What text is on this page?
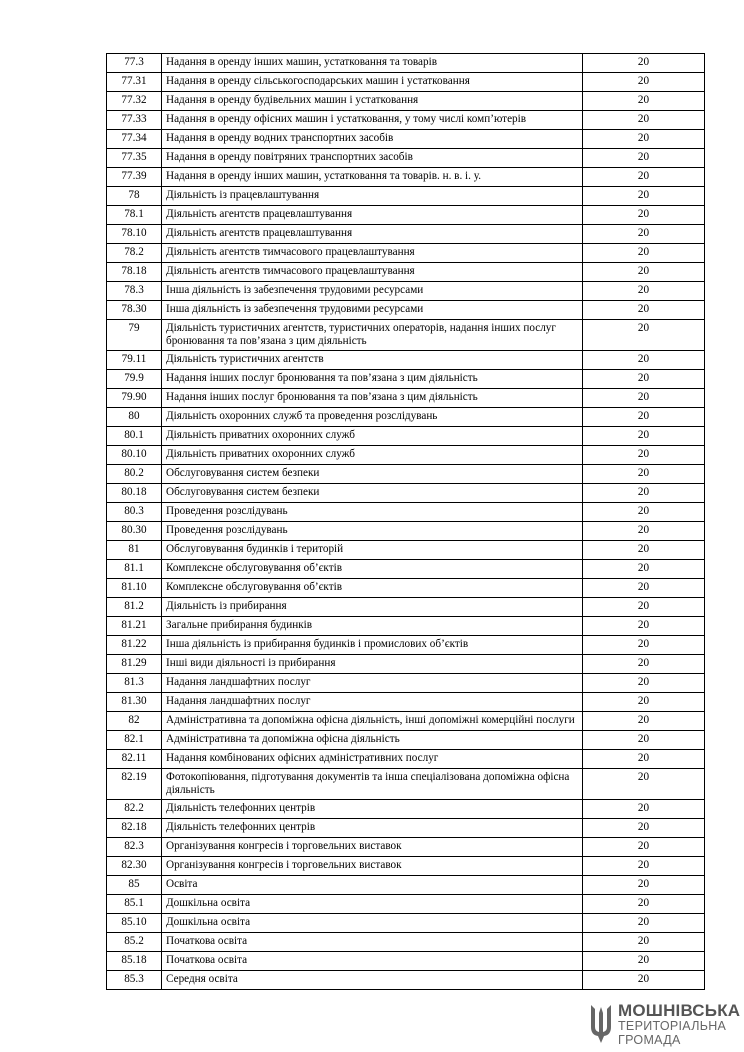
77.3	Надання в оренду інших машин, устатковання та товарів	20
77.31	Надання в оренду сільськогосподарських машин і устатковання	20
77.32	Надання в оренду будівельних машин і устатковання	20
77.33	Надання в оренду офісних машин і устатковання, у тому числі комп’ютерів	20
77.34	Надання в оренду водних транспортних засобів	20
77.35	Надання в оренду повітряних транспортних засобів	20
77.39	Надання в оренду інших машин, устатковання та товарів. н. в. і. у.	20
78	Діяльність із працевлаштування	20
78.1	Діяльність агентств працевлаштування	20
78.10	Діяльність агентств працевлаштування	20
78.2	Діяльність агентств тимчасового працевлаштування	20
78.18	Діяльність агентств тимчасового працевлаштування	20
78.3	Інша діяльність із забезпечення трудовими ресурсами	20
78.30	Інша діяльність із забезпечення трудовими ресурсами	20
79	Діяльність туристичних агентств, туристичних операторів, надання інших послуг бронювання та пов’язана з цим діяльність	20
79.11	Діяльність туристичних агентств	20
79.9	Надання інших послуг бронювання та пов’язана з цим діяльність	20
79.90	Надання інших послуг бронювання та пов’язана з цим діяльність	20
80	Діяльність охоронних служб та проведення розслідувань	20
80.1	Діяльність приватних охоронних служб	20
80.10	Діяльність приватних охоронних служб	20
80.2	Обслуговування систем безпеки	20
80.18	Обслуговування систем безпеки	20
80.3	Проведення розслідувань	20
80.30	Проведення розслідувань	20
81	Обслуговування будинків і територій	20
81.1	Комплексне обслуговування об’єктів	20
81.10	Комплексне обслуговування об’єктів	20
81.2	Діяльність із прибирання	20
81.21	Загальне прибирання будинків	20
81.22	Інша діяльність із прибирання будинків і промислових об’єктів	20
81.29	Інші види діяльності із прибирання	20
81.3	Надання ландшафтних послуг	20
81.30	Надання ландшафтних послуг	20
82	Адміністративна та допоміжна офісна діяльність, інші допоміжні комерційні послуги	20
82.1	Адміністративна та допоміжна офісна діяльність	20
82.11	Надання комбінованих офісних адміністративних послуг	20
82.19	Фотокопіювання, підготування документів та інша спеціалізована допоміжна офісна діяльність	20
82.2	Діяльність телефонних центрів	20
82.18	Діяльність телефонних центрів	20
82.3	Організування конгресів і торговельних виставок	20
82.30	Організування конгресів і торговельних виставок	20
85	Освіта	20
85.1	Дошкільна освіта	20
85.10	Дошкільна освіта	20
85.2	Початкова освіта	20
85.18	Початкова освіта	20
85.3	Середня освіта	20
МОШНІВСЬКА
ТЕРИТОРІАЛЬНА
ГРОМАДА
